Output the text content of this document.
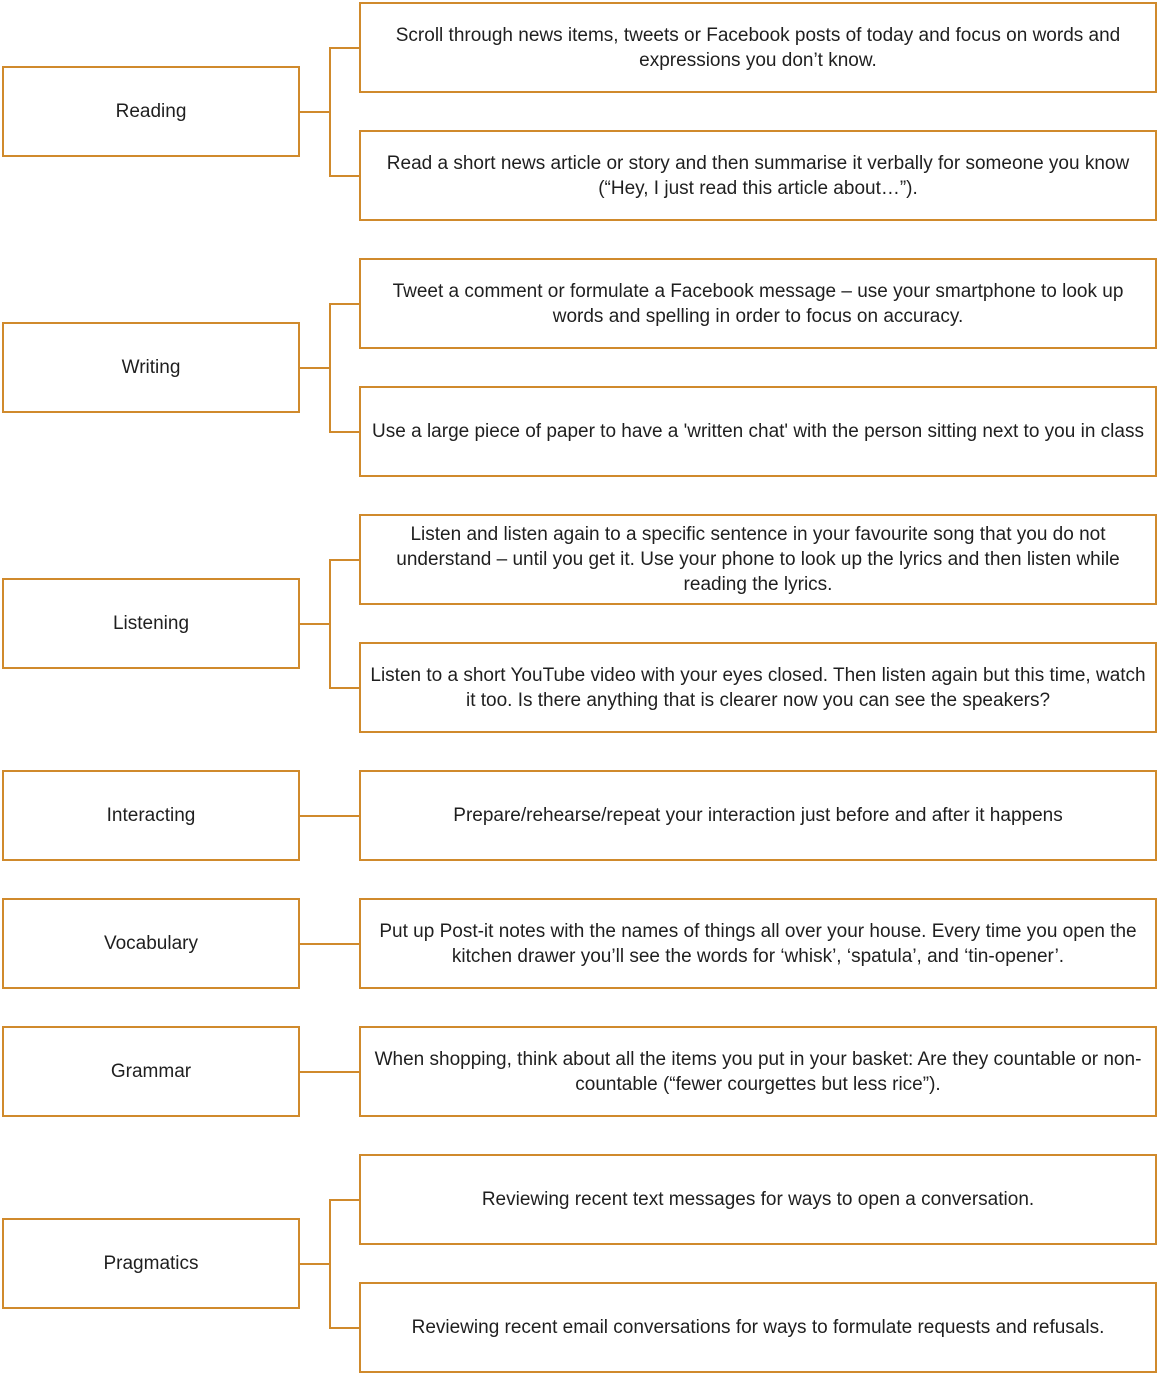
Reading
Scroll through news items, tweets or Facebook posts of today and focus on words and expressions you don’t know.
Read a short news article or story and then summarise it verbally for someone you know (“Hey, I just read this article about…”).
Writing
Tweet a comment or formulate a Facebook message – use your smartphone to look up words and spelling in order to focus on accuracy.
Use a large piece of paper to have a 'written chat' with the person sitting next to you in class
Listening
Listen and listen again to a specific sentence in your favourite song that you do not understand – until you get it. Use your phone to look up the lyrics and then listen while reading the lyrics.
Listen to a short YouTube video with your eyes closed. Then listen again but this time, watch it too. Is there anything that is clearer now you can see the speakers?
Interacting	Prepare/rehearse/repeat your interaction just before and after it happens
Vocabulary
Put up Post-it notes with the names of things all over your house. Every time you open the kitchen drawer you’ll see the words for ‘whisk’, ‘spatula’, and ‘tin-opener’.
Grammar
When shopping, think about all the items you put in your basket: Are they countable or non-countable (“fewer courgettes but less rice”).
Pragmatics
Reviewing recent text messages for ways to open a conversation.
Reviewing recent email conversations for ways to formulate requests and refusals.
